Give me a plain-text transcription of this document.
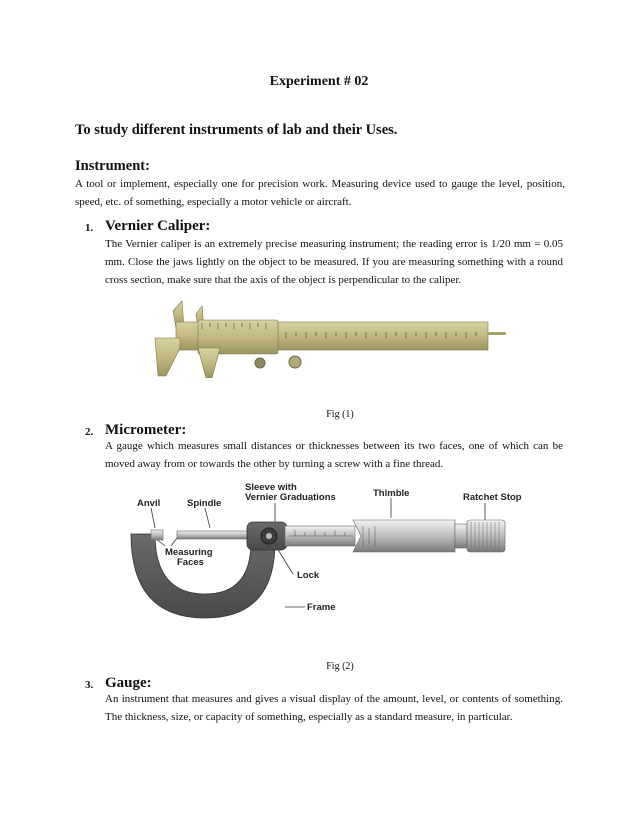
Experiment # 02
To study different instruments of lab and their Uses.
Instrument:
A tool or implement, especially one for precision work. Measuring device used to gauge the level, position, speed, etc. of something, especially a motor vehicle or aircraft.
1. Vernier Caliper:
The Vernier caliper is an extremely precise measuring instrument; the reading error is 1/20 mm = 0.05 mm. Close the jaws lightly on the object to be measured. If you are measuring something with a round cross section, make sure that the axis of the object is perpendicular to the caliper.
Fig (1)
2. Micrometer:
A gauge which measures small distances or thicknesses between its two faces, one of which can be moved away from or towards the other by turning a screw with a fine thread.
Anvil	Spindle
Sleeve with
Vernier Graduations	Thimble	Ratchet Stop
Measuring
Faces
Lock
Frame
Fig (2)
3. Gauge:
An instrument that measures and gives a visual display of the amount, level, or contents of something. The thickness, size, or capacity of something, especially as a standard measure, in particular.
